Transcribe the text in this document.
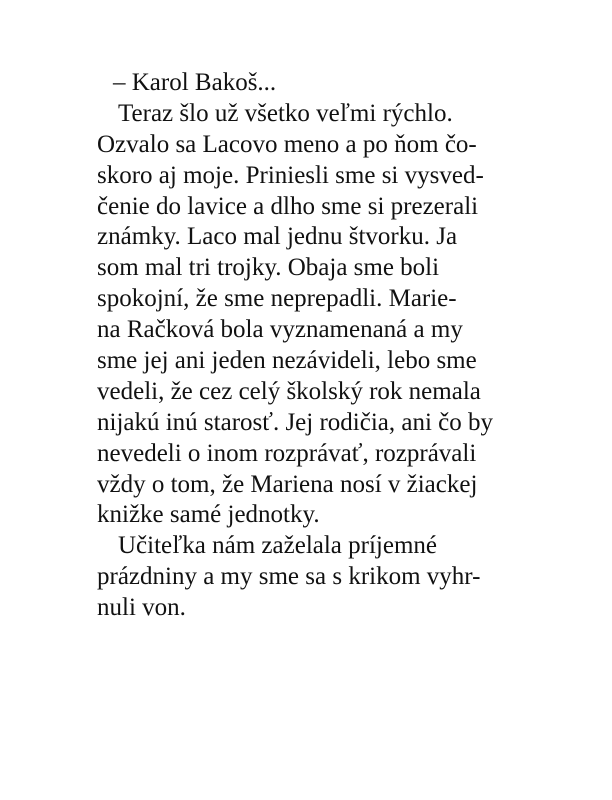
– Karol Bakoš...
Teraz šlo už všetko veľmi rýchlo.
Ozvalo sa Lacovo meno a po ňom čo-
skoro aj moje. Priniesli sme si vysved-
čenie do lavice a dlho sme si prezerali
známky. Laco mal jednu štvorku. Ja
som mal tri trojky. Obaja sme boli
spokojní, že sme neprepadli. Marie-
na Račková bola vyznamenaná a my
sme jej ani jeden nezávideli, lebo sme
vedeli, že cez celý školský rok nemala
nijakú inú starosť. Jej rodičia, ani čo by
nevedeli o inom rozprávať, rozprávali
vždy o tom, že Mariena nosí v žiackej
knižke samé jednotky.
Učiteľka nám zaželala príjemné
prázdniny a my sme sa s krikom vyhr-
nuli von.
